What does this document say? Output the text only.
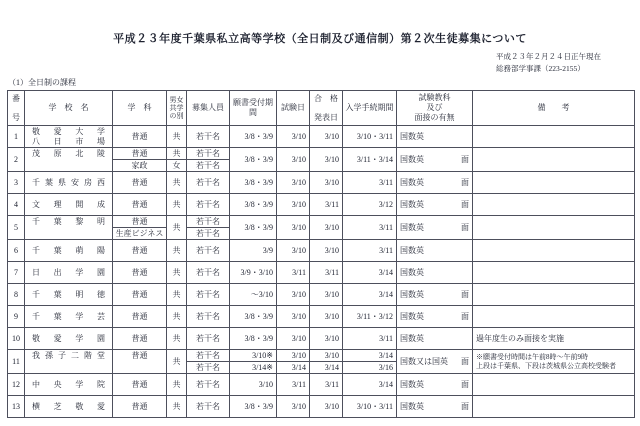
平成２３年度千葉県私立高等学校（全日制及び通信制）第２次生徒募集について
平成２３年２月２４日正午現在
総務部学事課（223-2155）
（1）全日制の課程
番
号	学　校　名	学　科	男女
共学
の別	募集人員	願書受付期間	試験日	合　格
発表日	入学手続期間	試験教科
及び
面接の有無	備　　考
1	敬　愛　大　学
八　日　市　場	普通	共	若干名	3/8・3/9	3/10	3/10	3/10・3/11	国数英	

2	茂　原　北　陵	普通	共	若干名	3/8・3/9	3/10	3/10	3/11・3/14	国数英 面	

		家政	女	若干名						
3	千葉県安房西	普通	共	若干名	3/8・3/9	3/10	3/10	3/11	国数英 面	

4	文　理　開　成	普通	共	若干名	3/8・3/9	3/10	3/11	3/12	国数英 面	

5	千　葉　黎　明	普通	共	若干名	3/8・3/9	3/10	3/10	3/11	国数英 面	

		生産ビジネス		若干名						
6	千　葉　萌　陽	普通	共	若干名	3/9	3/10	3/10	3/11	国数英	

7	日　出　学　園	普通	共	若干名	3/9・3/10	3/11	3/11	3/14	国数英	

8	千　葉　明　徳	普通	共	若干名	～3/10	3/10	3/10	3/14	国数英 面	

9	千　葉　学　芸	普通	共	若干名	3/8・3/9	3/10	3/10	3/11・3/12	国数英 面	

10	敬　愛　学　園	普通	共	若干名	3/8・3/9	3/10	3/10	3/11	国数英	過年度生のみ面接を実施
11	我孫子二階堂	普通	共	若干名	3/10※	3/10	3/10	3/14	国数又は国英 面	※願書受付時間は午前8時～午前9時
上段は千葉県、下段は茨城県公立高校受験者

				若干名	3/14※	3/14	3/14	3/16		
12	中　央　学　院	普通	共	若干名	3/10	3/11	3/11	3/14	国数英 面	

13	横　芝　敬　愛	普通	共	若干名	3/8・3/9	3/10	3/10	3/10・3/11	国数英 面	
